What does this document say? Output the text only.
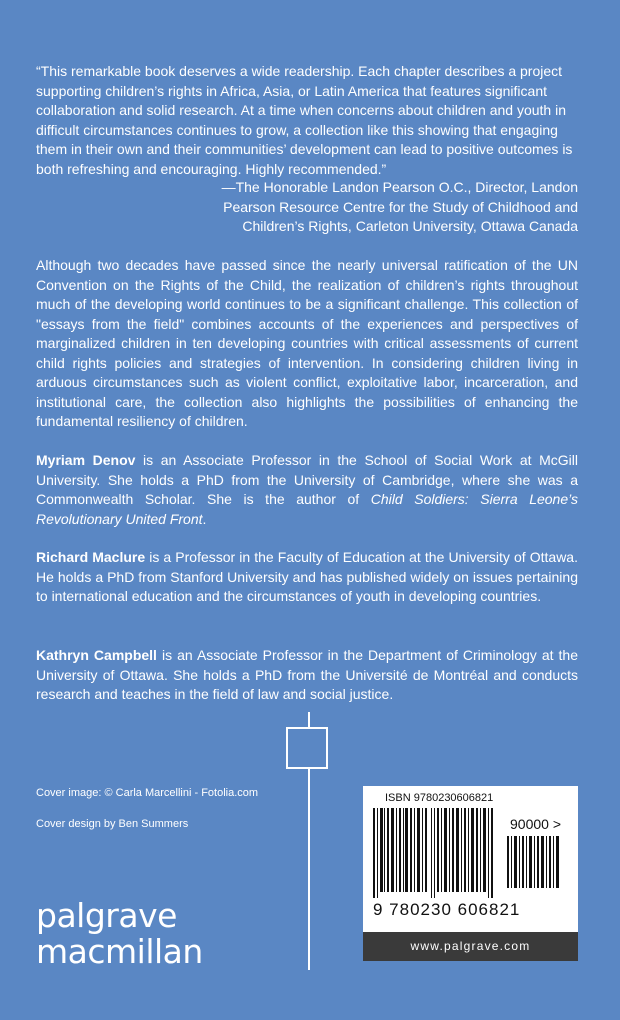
“This remarkable book deserves a wide readership. Each chapter describes a project supporting children’s rights in Africa, Asia, or Latin America that features significant collaboration and solid research. At a time when concerns about children and youth in difficult circumstances continues to grow, a collection like this showing that engaging them in their own and their communities’ development can lead to positive outcomes is both refreshing and encouraging. Highly recommended.”

—The Honorable Landon Pearson O.C., Director, Landon Pearson Resource Centre for the Study of Childhood and Children’s Rights, Carleton University, Ottawa Canada

Although two decades have passed since the nearly universal ratification of the UN Convention on the Rights of the Child, the realization of children’s rights throughout much of the developing world continues to be a significant challenge. This collection of "essays from the field" combines accounts of the experiences and perspectives of marginalized children in ten developing countries with critical assessments of current child rights policies and strategies of intervention. In considering children living in arduous circumstances such as violent conflict, exploitative labor, incarceration, and institutional care, the collection also highlights the possibilities of enhancing the fundamental resiliency of children.

Myriam Denov is an Associate Professor in the School of Social Work at McGill University. She holds a PhD from the University of Cambridge, where she was a Commonwealth Scholar. She is the author of Child Soldiers: Sierra Leone’s Revolutionary United Front.

Richard Maclure is a Professor in the Faculty of Education at the University of Ottawa. He holds a PhD from Stanford University and has published widely on issues pertaining to international education and the circumstances of youth in developing countries.

Kathryn Campbell is an Associate Professor in the Department of Criminology at the University of Ottawa. She holds a PhD from the Université de Montréal and conducts research and teaches in the field of law and social justice.

Cover image: © Carla Marcellini - Fotolia.com
Cover design by Ben Summers
palgrave
macmillan
ISBN 9780230606821
90000 >
9 780230 606821
www.palgrave.com
